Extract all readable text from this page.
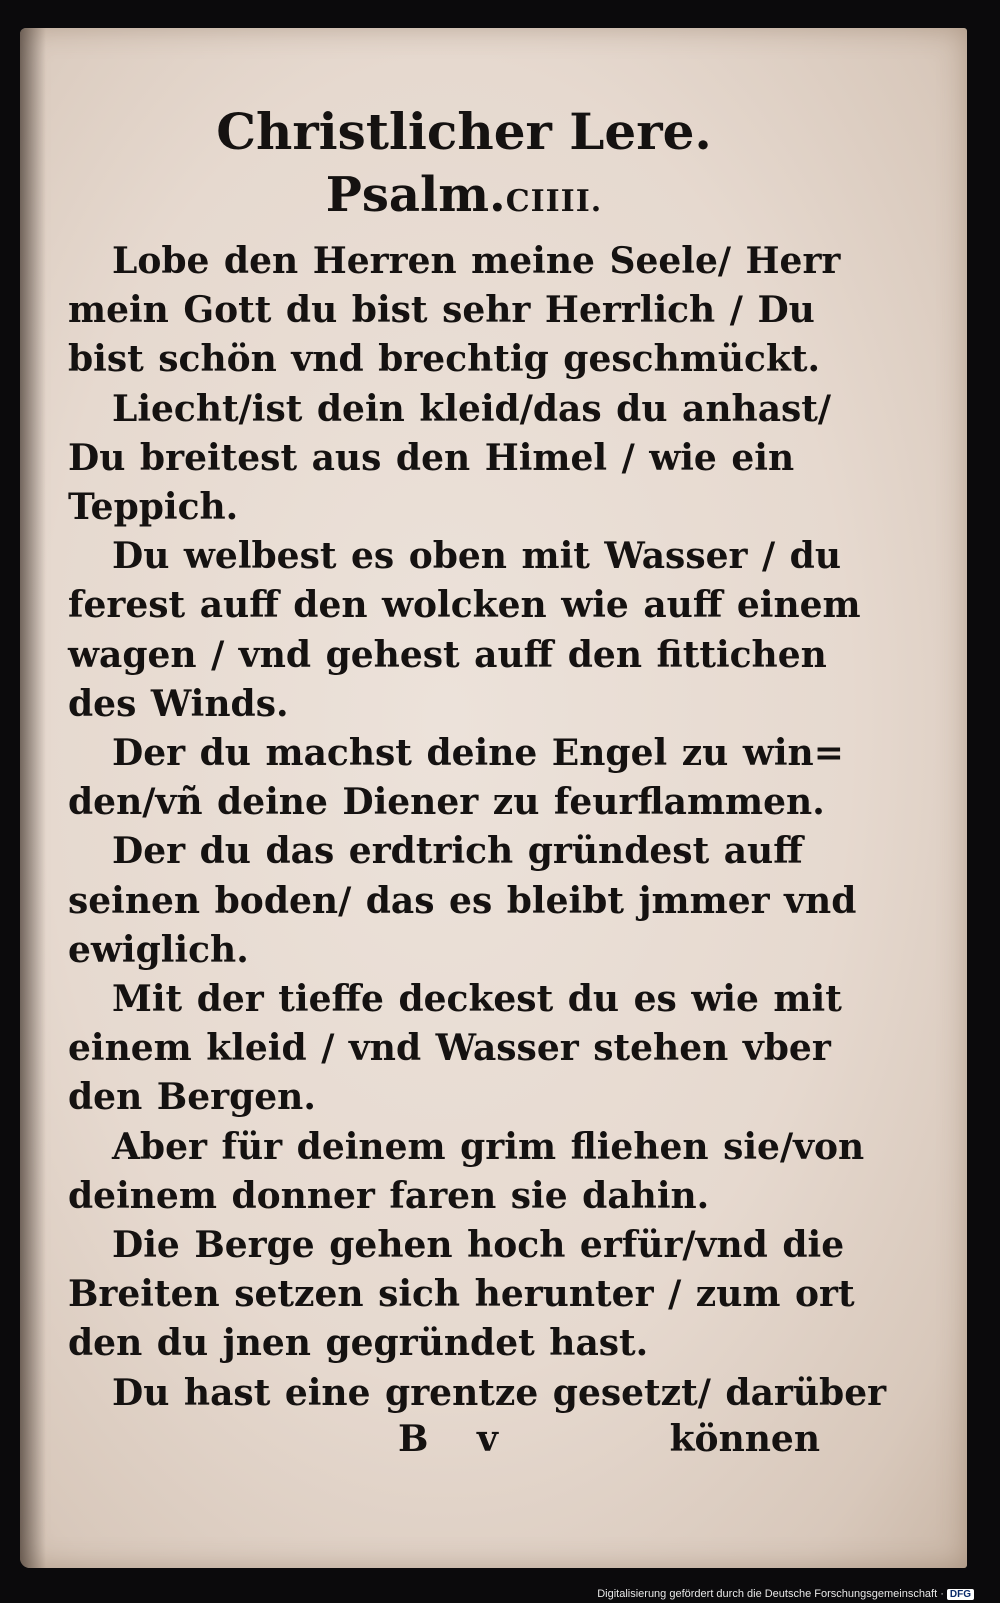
Christlicher Lere.
Psalm.CIIII.
Lobe den Herren meine Seele/ Herr
mein Gott du bist sehr Herrlich / Du
bist schön vnd brechtig geschmückt.
Liecht/ist dein kleid/das du anhast/
Du breitest aus den Himel / wie ein
Teppich.
Du welbest es oben mit Wasser / du
ferest auff den wolcken wie auff einem
wagen / vnd gehest auff den fittichen
des Winds.
Der du machst deine Engel zu win=
den/vñ deine Diener zu feurflammen.
Der du das erdtrich gründest auff
seinen boden/ das es bleibt jmmer vnd
ewiglich.
Mit der tieffe deckest du es wie mit
einem kleid / vnd Wasser stehen vber
den Bergen.
Aber für deinem grim fliehen sie/von
deinem donner faren sie dahin.
Die Berge gehen hoch erfür/vnd die
Breiten setzen sich herunter / zum ort
den du jnen gegründet hast.
Du hast eine grentze gesetzt/ darüber
B v	können
Digitalisierung gefördert durch die Deutsche Forschungsgemeinschaft · DFG
